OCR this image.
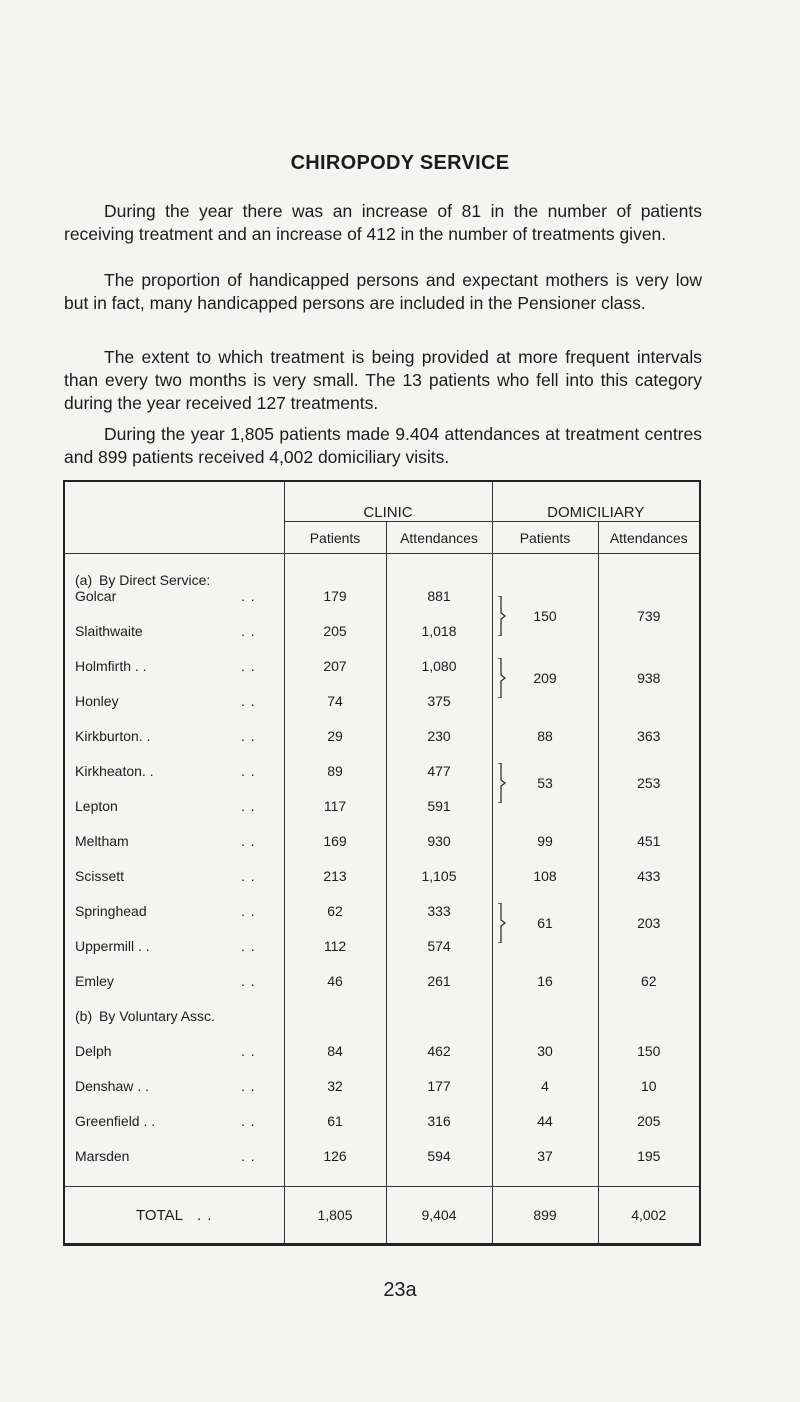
CHIROPODY SERVICE

During the year there was an increase of 81 in the number of patients receiving treatment and an increase of 412 in the number of treatments given.

The proportion of handicapped persons and expectant mothers is very low but in fact, many handicapped persons are included in the Pensioner class.

The extent to which treatment is being provided at more frequent intervals than every two months is very small. The 13 patients who fell into this category during the year received 127 treatments.

During the year 1,805 patients made 9.404 attendances at treatment centres and 899 patients received 4,002 domiciliary visits.

	CLINIC		DOMICILIARY	
	Patients	Attendances	Patients	Attendances

(a) By Direct Service:				
Golcar . .	179	881	150	739
Slaithwaite . .	205	1,018		
Holmfirth . . . .	207	1,080	209	938
Honley . .	74	375		
Kirkburton. . . .	29	230	88	363
Kirkheaton. . . .	89	477	53	253
Lepton . .	117	591		
Meltham . .	169	930	99	451
Scissett . .	213	1,105	108	433
Springhead . .	62	333	61	203
Uppermill . . . .	112	574		
Emley . .	46	261	16	62
(b) By Voluntary Assc.				
Delph . .	84	462	30	150
Denshaw . . . .	32	177	4	10
Greenfield . . . .	61	316	44	205
Marsden . .	126	594	37	195

TOTAL . .	1,805	9,404	899	4,002
23a
